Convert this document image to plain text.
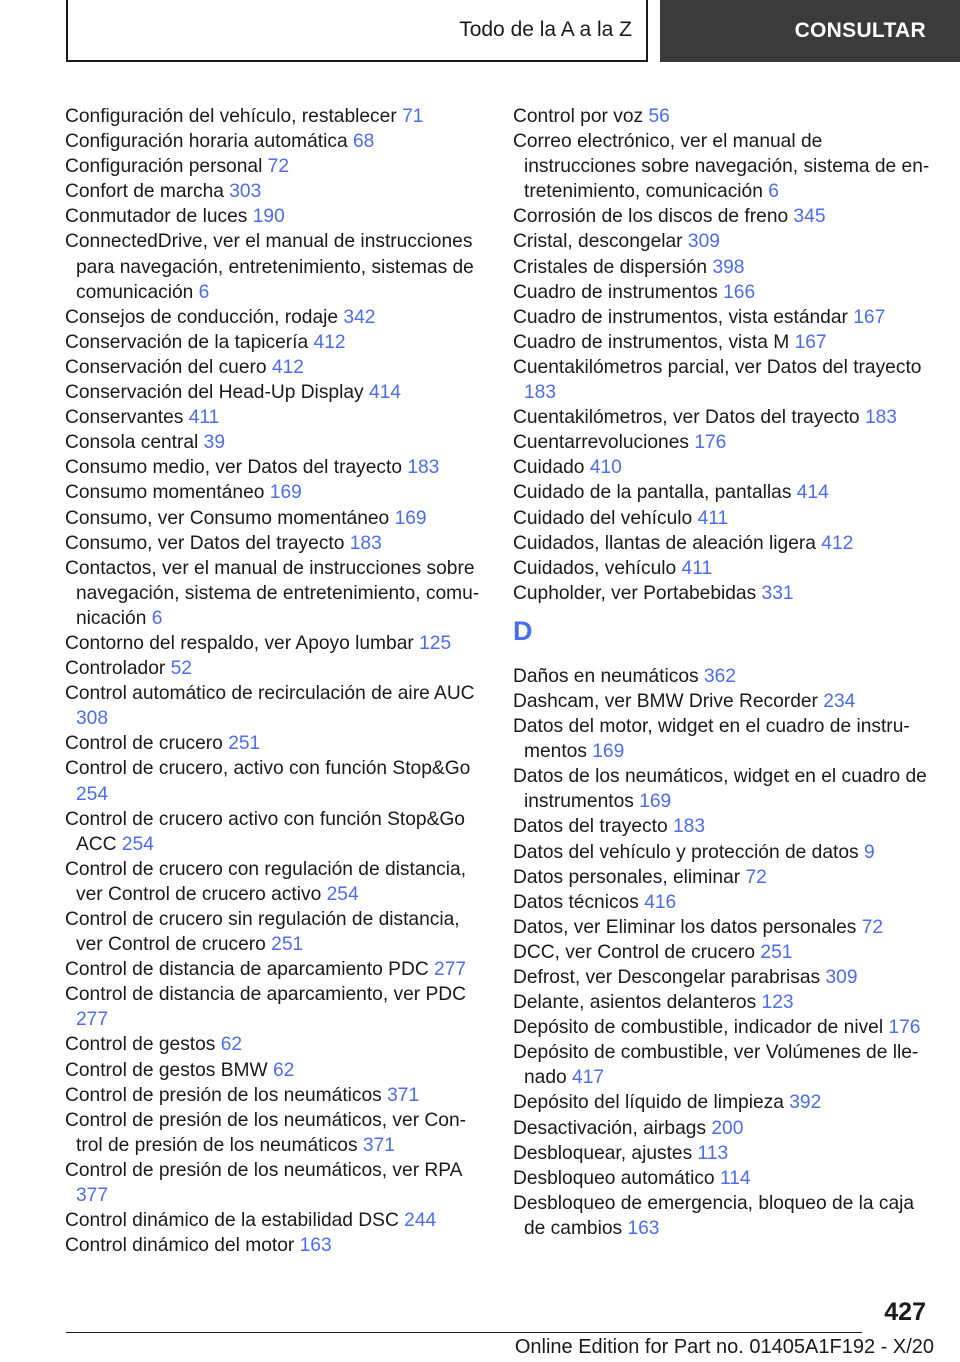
Todo de la A a la Z	CONSULTAR
Configuración del vehículo, restablecer 71
Configuración horaria automática 68
Configuración personal 72
Confort de marcha 303
Conmutador de luces 190
ConnectedDrive, ver el manual de instrucciones para navegación, entretenimiento, sistemas de comunicación 6
Consejos de conducción, rodaje 342
Conservación de la tapicería 412
Conservación del cuero 412
Conservación del Head-Up Display 414
Conservantes 411
Consola central 39
Consumo medio, ver Datos del trayecto 183
Consumo momentáneo 169
Consumo, ver Consumo momentáneo 169
Consumo, ver Datos del trayecto 183
Contactos, ver el manual de instrucciones sobre navegación, sistema de entretenimiento, comunicación 6
Contorno del respaldo, ver Apoyo lumbar 125
Controlador 52
Control automático de recirculación de aire AUC 308
Control de crucero 251
Control de crucero, activo con función Stop&Go 254
Control de crucero activo con función Stop&Go ACC 254
Control de crucero con regulación de distancia, ver Control de crucero activo 254
Control de crucero sin regulación de distancia, ver Control de crucero 251
Control de distancia de aparcamiento PDC 277
Control de distancia de aparcamiento, ver PDC 277
Control de gestos 62
Control de gestos BMW 62
Control de presión de los neumáticos 371
Control de presión de los neumáticos, ver Control de presión de los neumáticos 371
Control de presión de los neumáticos, ver RPA 377
Control dinámico de la estabilidad DSC 244
Control dinámico del motor 163
Control por voz 56
Correo electrónico, ver el manual de instrucciones sobre navegación, sistema de entretenimiento, comunicación 6
Corrosión de los discos de freno 345
Cristal, descongelar 309
Cristales de dispersión 398
Cuadro de instrumentos 166
Cuadro de instrumentos, vista estándar 167
Cuadro de instrumentos, vista M 167
Cuentakilómetros parcial, ver Datos del trayecto 183
Cuentakilómetros, ver Datos del trayecto 183
Cuentarrevoluciones 176
Cuidado 410
Cuidado de la pantalla, pantallas 414
Cuidado del vehículo 411
Cuidados, llantas de aleación ligera 412
Cuidados, vehículo 411
Cupholder, ver Portabebidas 331
D
Daños en neumáticos 362
Dashcam, ver BMW Drive Recorder 234
Datos del motor, widget en el cuadro de instrumentos 169
Datos de los neumáticos, widget en el cuadro de instrumentos 169
Datos del trayecto 183
Datos del vehículo y protección de datos 9
Datos personales, eliminar 72
Datos técnicos 416
Datos, ver Eliminar los datos personales 72
DCC, ver Control de crucero 251
Defrost, ver Descongelar parabrisas 309
Delante, asientos delanteros 123
Depósito de combustible, indicador de nivel 176
Depósito de combustible, ver Volúmenes de llenado 417
Depósito del líquido de limpieza 392
Desactivación, airbags 200
Desbloquear, ajustes 113
Desbloqueo automático 114
Desbloqueo de emergencia, bloqueo de la caja de cambios 163
427
Online Edition for Part no. 01405A1F192 - X/20
